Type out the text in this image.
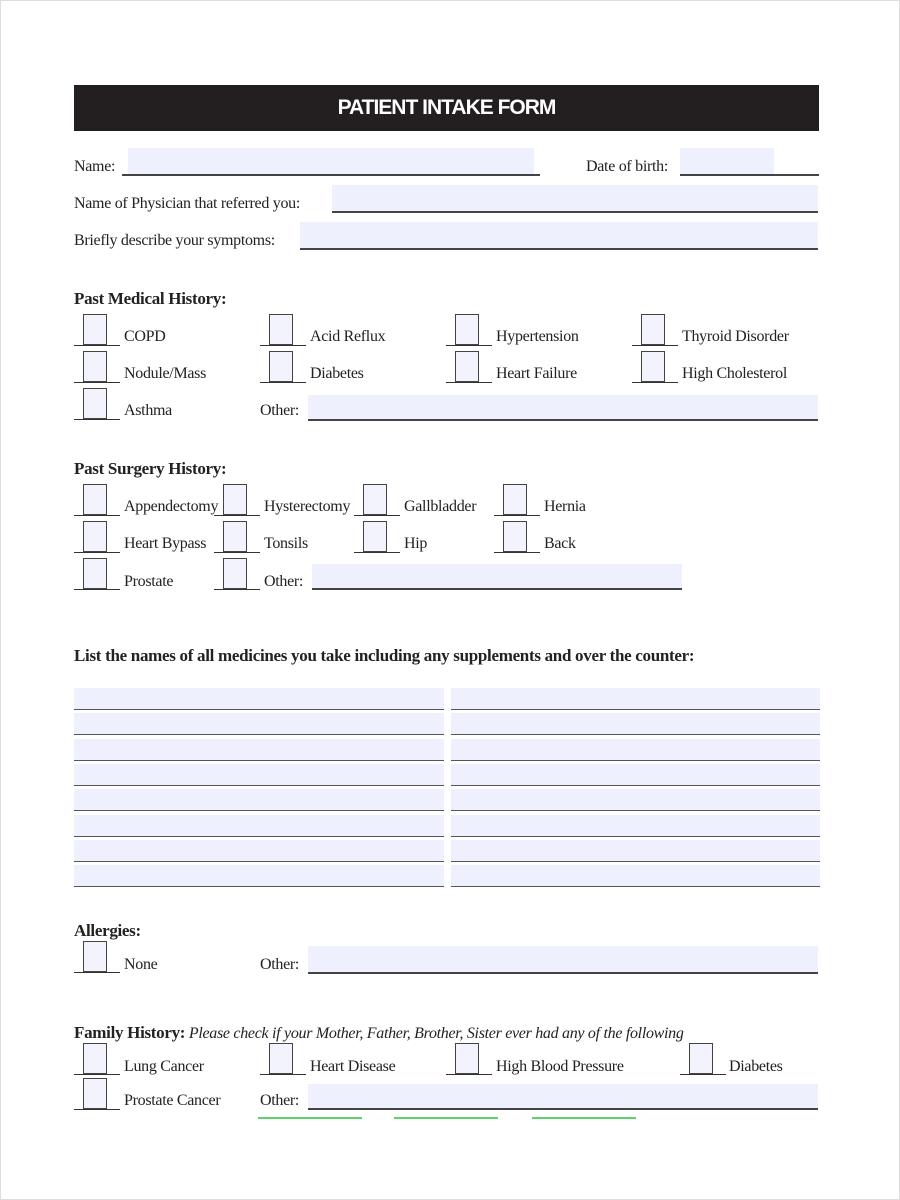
PATIENT INTAKE FORM
Name:	Date of birth:
Name of Physician that referred you:
Briefly describe your symptoms:
Past Medical History:
COPD	Acid Reflux	Hypertension	Thyroid Disorder
Nodule/Mass	Diabetes	Heart Failure	High Cholesterol
Asthma	Other:
Past Surgery History:
Appendectomy	Hysterectomy	Gallbladder	Hernia
Heart Bypass	Tonsils	Hip	Back
Prostate	Other:
List the names of all medicines you take including any supplements and over the counter:
Allergies:
None	Other:
Family History: Please check if your Mother, Father, Brother, Sister ever had any of the following
Lung Cancer	Heart Disease	High Blood Pressure	Diabetes
Prostate Cancer Other:
